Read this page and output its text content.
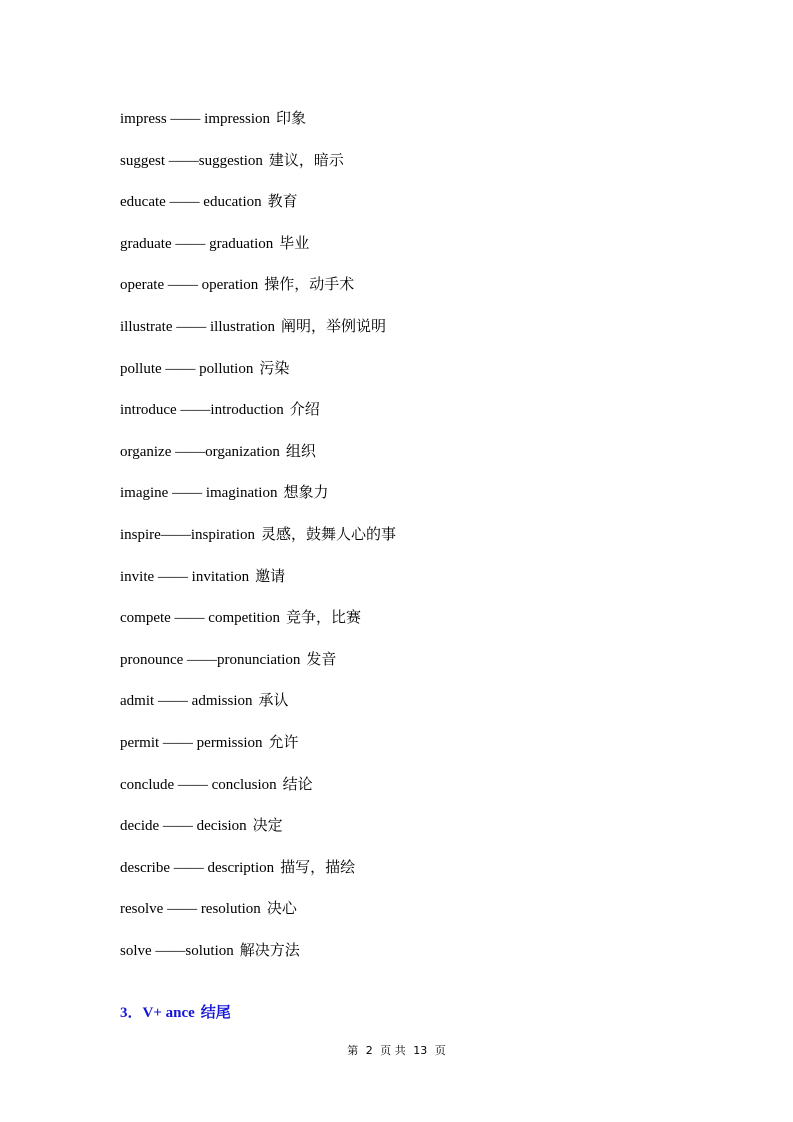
impress —— impression 印象
suggest ——suggestion 建议，暗示
educate —— education 教育
graduate —— graduation 毕业
operate —— operation 操作，动手术
illustrate —— illustration 阐明，举例说明
pollute —— pollution 污染
introduce ——introduction 介绍
organize ——organization 组织
imagine —— imagination 想象力
inspire——inspiration 灵感，鼓舞人心的事
invite —— invitation 邀请
compete —— competition 竞争，比赛
pronounce ——pronunciation 发音
admit —— admission 承认
permit —— permission 允许
conclude —— conclusion 结论
decide —— decision 决定
describe —— description 描写，描绘
resolve —— resolution 决心
solve ——solution 解决方法
3．V+ ance 结尾
第 2 页 共 13 页
